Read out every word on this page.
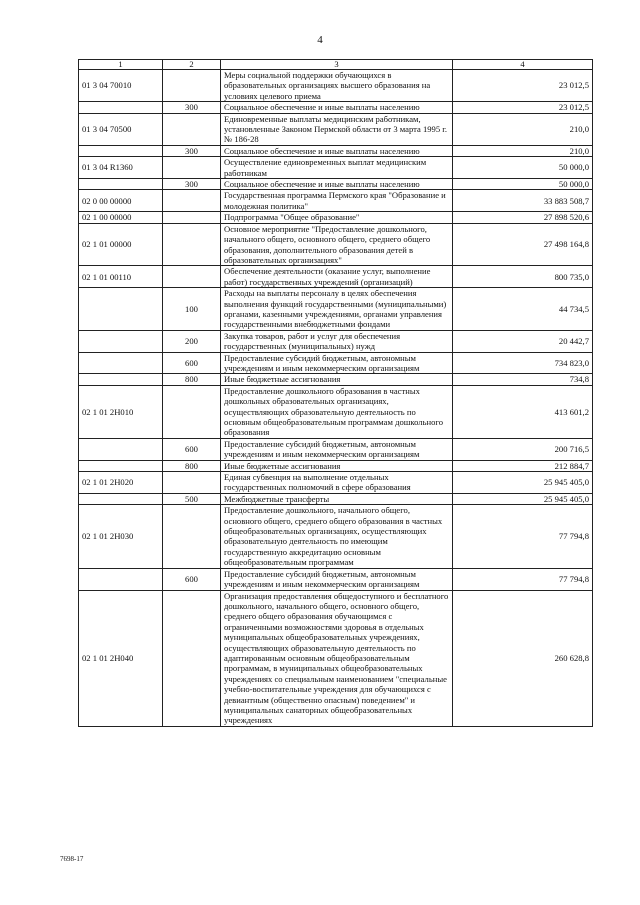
4
1	2	3	4
01 3 04 70010		Меры социальной поддержки обучающихся в образовательных организациях высшего образования на условиях целевого приема	23 012,5
	300	Социальное обеспечение и иные выплаты населению	23 012,5
01 3 04 70500		Единовременные выплаты медицинским работникам, установленные Законом Пермской области от 3 марта 1995 г. № 186-28	210,0
	300	Социальное обеспечение и иные выплаты населению	210,0
01 3 04 R1360		Осуществление единовременных выплат медицинским работникам	50 000,0
	300	Социальное обеспечение и иные выплаты населению	50 000,0
02 0 00 00000		Государственная программа Пермского края "Образование и молодежная политика"	33 883 508,7
02 1 00 00000		Подпрограмма "Общее образование"	27 898 520,6
02 1 01 00000		Основное мероприятие "Предоставление дошкольного, начального общего, основного общего, среднего общего образования, дополнительного образования детей в образовательных организациях"	27 498 164,8
02 1 01 00110		Обеспечение деятельности (оказание услуг, выполнение работ) государственных учреждений (организаций)	800 735,0
	100	Расходы на выплаты персоналу в целях обеспечения выполнения функций государственными (муниципальными) органами, казенными учреждениями, органами управления государственными внебюджетными фондами	44 734,5
	200	Закупка товаров, работ и услуг для обеспечения государственных (муниципальных) нужд	20 442,7
	600	Предоставление субсидий бюджетным, автономным учреждениям и иным некоммерческим организациям	734 823,0
	800	Иные бюджетные ассигнования	734,8
02 1 01 2Н010		Предоставление дошкольного образования в частных дошкольных образовательных организациях, осуществляющих образовательную деятельность по основным общеобразовательным программам дошкольного образования	413 601,2
	600	Предоставление субсидий бюджетным, автономным учреждениям и иным некоммерческим организациям	200 716,5
	800	Иные бюджетные ассигнования	212 884,7
02 1 01 2Н020		Единая субвенция на выполнение отдельных государственных полномочий в сфере образования	25 945 405,0
	500	Межбюджетные трансферты	25 945 405,0
02 1 01 2Н030		Предоставление дошкольного, начального общего, основного общего, среднего общего образования в частных общеобразовательных организациях, осуществляющих образовательную деятельность по имеющим государственную аккредитацию основным общеобразовательным программам	77 794,8
	600	Предоставление субсидий бюджетным, автономным учреждениям и иным некоммерческим организациям	77 794,8
02 1 01 2Н040		Организация предоставления общедоступного и бесплатного дошкольного, начального общего, основного общего, среднего общего образования обучающимся с ограниченными возможностями здоровья в отдельных муниципальных общеобразовательных учреждениях, осуществляющих образовательную деятельность по адаптированным основным общеобразовательным программам, в муниципальных общеобразовательных учреждениях со специальным наименованием "специальные учебно-воспитательные учреждения для обучающихся с девиантным (общественно опасным) поведением" и муниципальных санаторных общеобразовательных учреждениях	260 628,8
7698-17
